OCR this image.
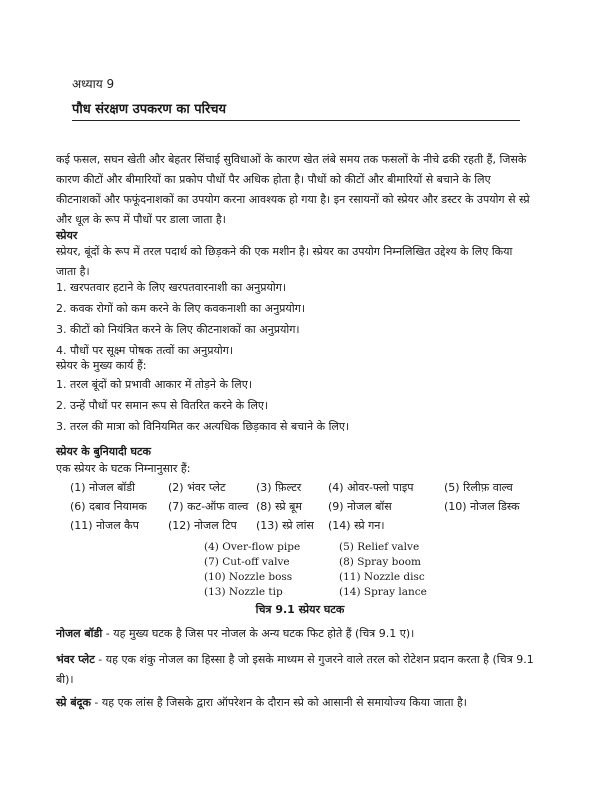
अध्याय 9
पौध संरक्षण उपकरण का परिचय
कई फसल, सघन खेती और बेहतर सिंचाई सुविधाओं के कारण खेत लंबे समय तक फसलों के नीचे ढकी रहती हैं, जिसके कारण कीटों और बीमारियों का प्रकोप पौधों पैर अधिक होता है। पौधों को कीटों और बीमारियों से बचाने के लिए कीटनाशकों और फफूंदनाशकों का उपयोग करना आवश्यक हो गया है। इन रसायनों को स्प्रेयर और डस्टर के उपयोग से स्प्रे और धूल के रूप में पौधों पर डाला जाता है।
स्प्रेयर
स्प्रेयर, बूंदों के रूप में तरल पदार्थ को छिड़कने की एक मशीन है। स्प्रेयर का उपयोग निम्नलिखित उद्देश्य के लिए किया जाता है।
1. खरपतवार हटाने के लिए खरपतवारनाशी का अनुप्रयोग।
2. कवक रोगों को कम करने के लिए कवकनाशी का अनुप्रयोग।
3. कीटों को नियंत्रित करने के लिए कीटनाशकों का अनुप्रयोग।
4. पौधों पर सूक्ष्म पोषक तत्वों का अनुप्रयोग।
स्प्रेयर के मुख्य कार्य हैं:
1. तरल बूंदों को प्रभावी आकार में तोड़ने के लिए।
2. उन्हें पौधों पर समान रूप से वितरित करने के लिए।
3. तरल की मात्रा को विनियमित कर अत्यधिक छिड़काव से बचाने के लिए।
स्प्रेयर के बुनियादी घटक
एक स्प्रेयर के घटक निम्नानुसार हैं:
(1) नोजल बॉडी	(2) भंवर प्लेट	(3) फ़िल्टर (4) ओवर-फ्लो पाइप	(5) रिलीफ़ वाल्व
(6) दबाव नियामक (7) कट-ऑफ वाल्व (8) स्प्रे बूम (9) नोजल बॉस	(10) नोजल डिस्क
(11) नोजल कैप	(12) नोजल टिप (13) स्प्रे लांस (14) स्प्रे गन।
(4) Over-flow pipe	(5) Relief valve
(7) Cut-off valve	(8) Spray boom
(10) Nozzle boss	(11) Nozzle disc
(13) Nozzle tip	(14) Spray lance
चित्र 9.1 स्प्रेयर घटक
नोजल बॉडी - यह मुख्य घटक है जिस पर नोजल के अन्य घटक फिट होते हैं (चित्र 9.1 ए)।
भंवर प्लेट - यह एक शंकु नोजल का हिस्सा है जो इसके माध्यम से गुजरने वाले तरल को रोटेशन प्रदान करता है (चित्र 9.1 बी)।
स्प्रे बंदूक - यह एक लांस है जिसके द्वारा ऑपरेशन के दौरान स्प्रे को आसानी से समायोज्य किया जाता है।
